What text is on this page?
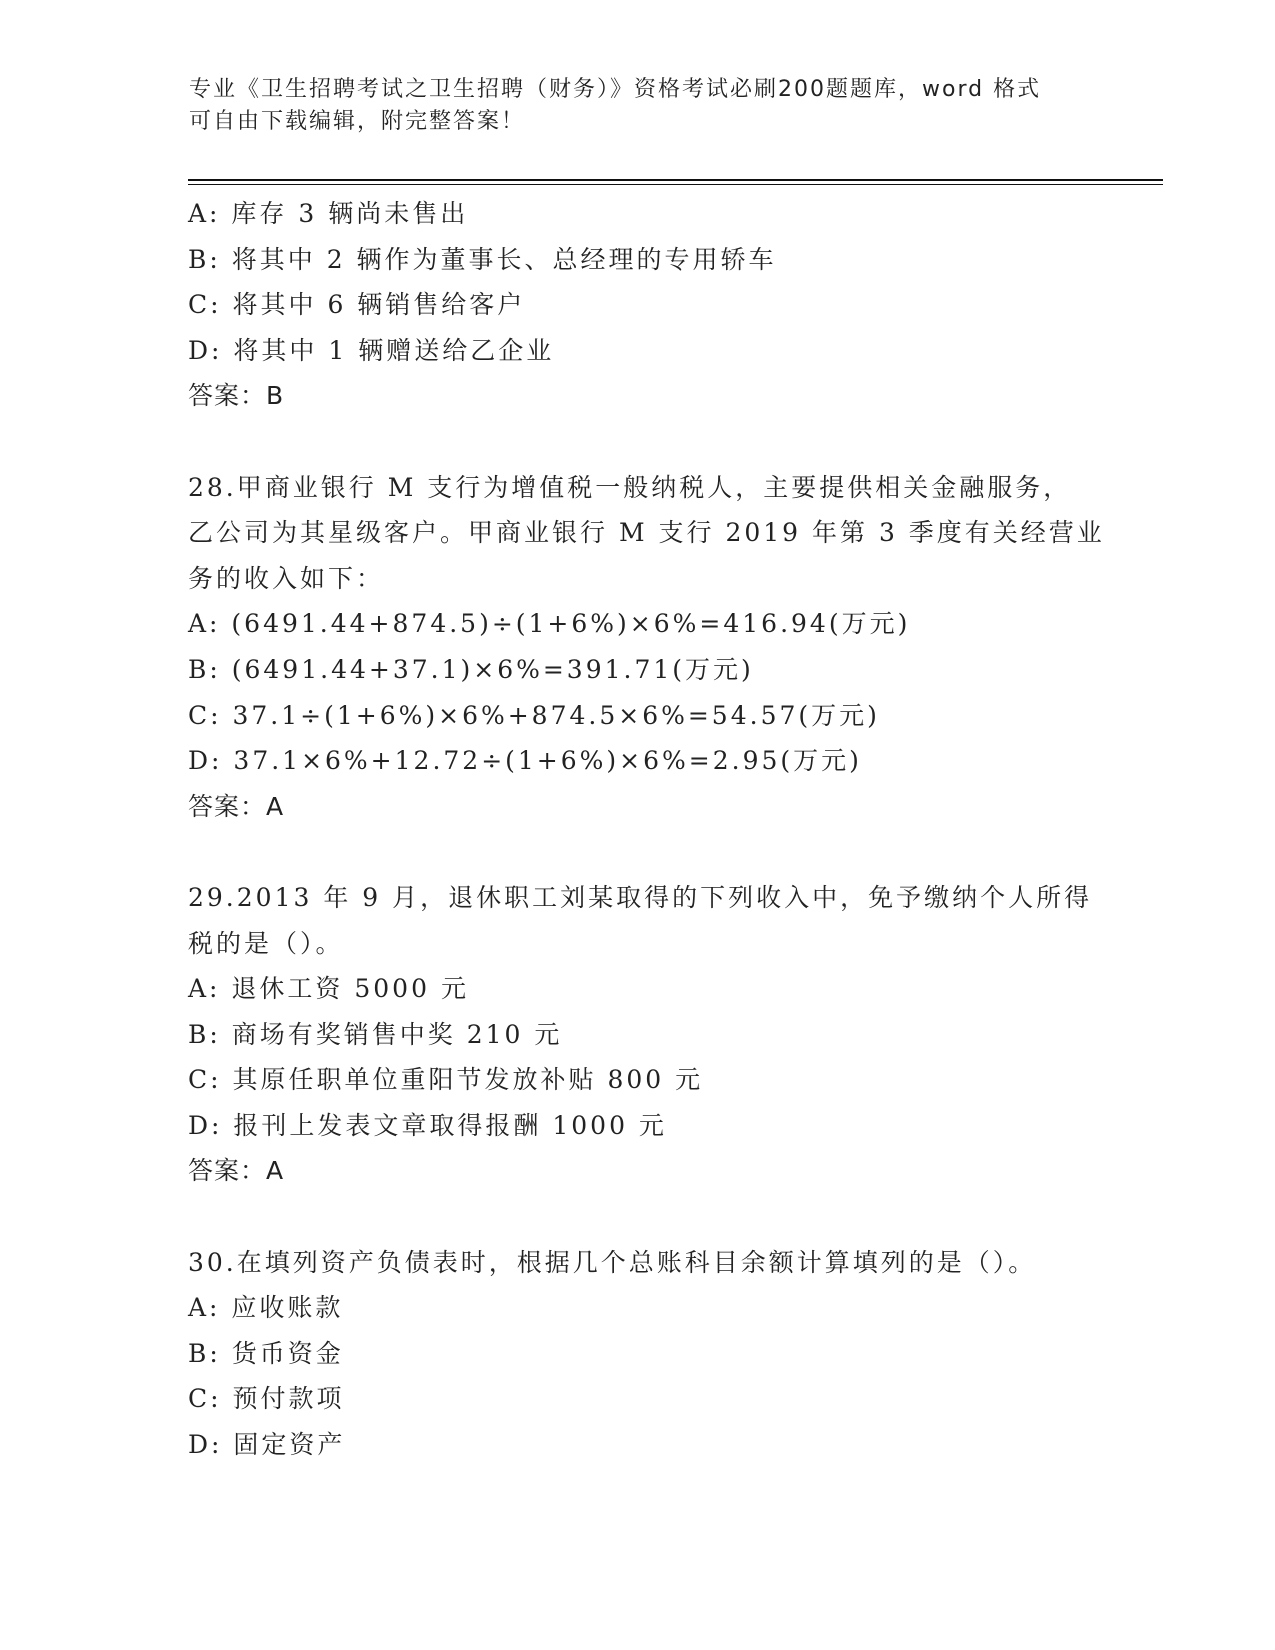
专业《卫生招聘考试之卫生招聘（财务）》资格考试必刷200题题库，word 格式
可自由下载编辑，附完整答案！
A: 库存 3 辆尚未售出
B: 将其中 2 辆作为董事长、总经理的专用轿车
C: 将其中 6 辆销售给客户
D: 将其中 1 辆赠送给乙企业
答案：B
28.甲商业银行 M 支行为增值税一般纳税人，主要提供相关金融服务，
乙公司为其星级客户。甲商业银行 M 支行 2019 年第 3 季度有关经营业
务的收入如下：
A: (6491.44+874.5)÷(1+6%)×6%=416.94(万元)
B: (6491.44+37.1)×6%=391.71(万元)
C: 37.1÷(1+6%)×6%+874.5×6%=54.57(万元)
D: 37.1×6%+12.72÷(1+6%)×6%=2.95(万元)
答案：A
29.2013 年 9 月，退休职工刘某取得的下列收入中，免予缴纳个人所得
税的是（）。
A: 退休工资 5000 元
B: 商场有奖销售中奖 210 元
C: 其原任职单位重阳节发放补贴 800 元
D: 报刊上发表文章取得报酬 1000 元
答案：A
30.在填列资产负债表时，根据几个总账科目余额计算填列的是（）。
A: 应收账款
B: 货币资金
C: 预付款项
D: 固定资产
